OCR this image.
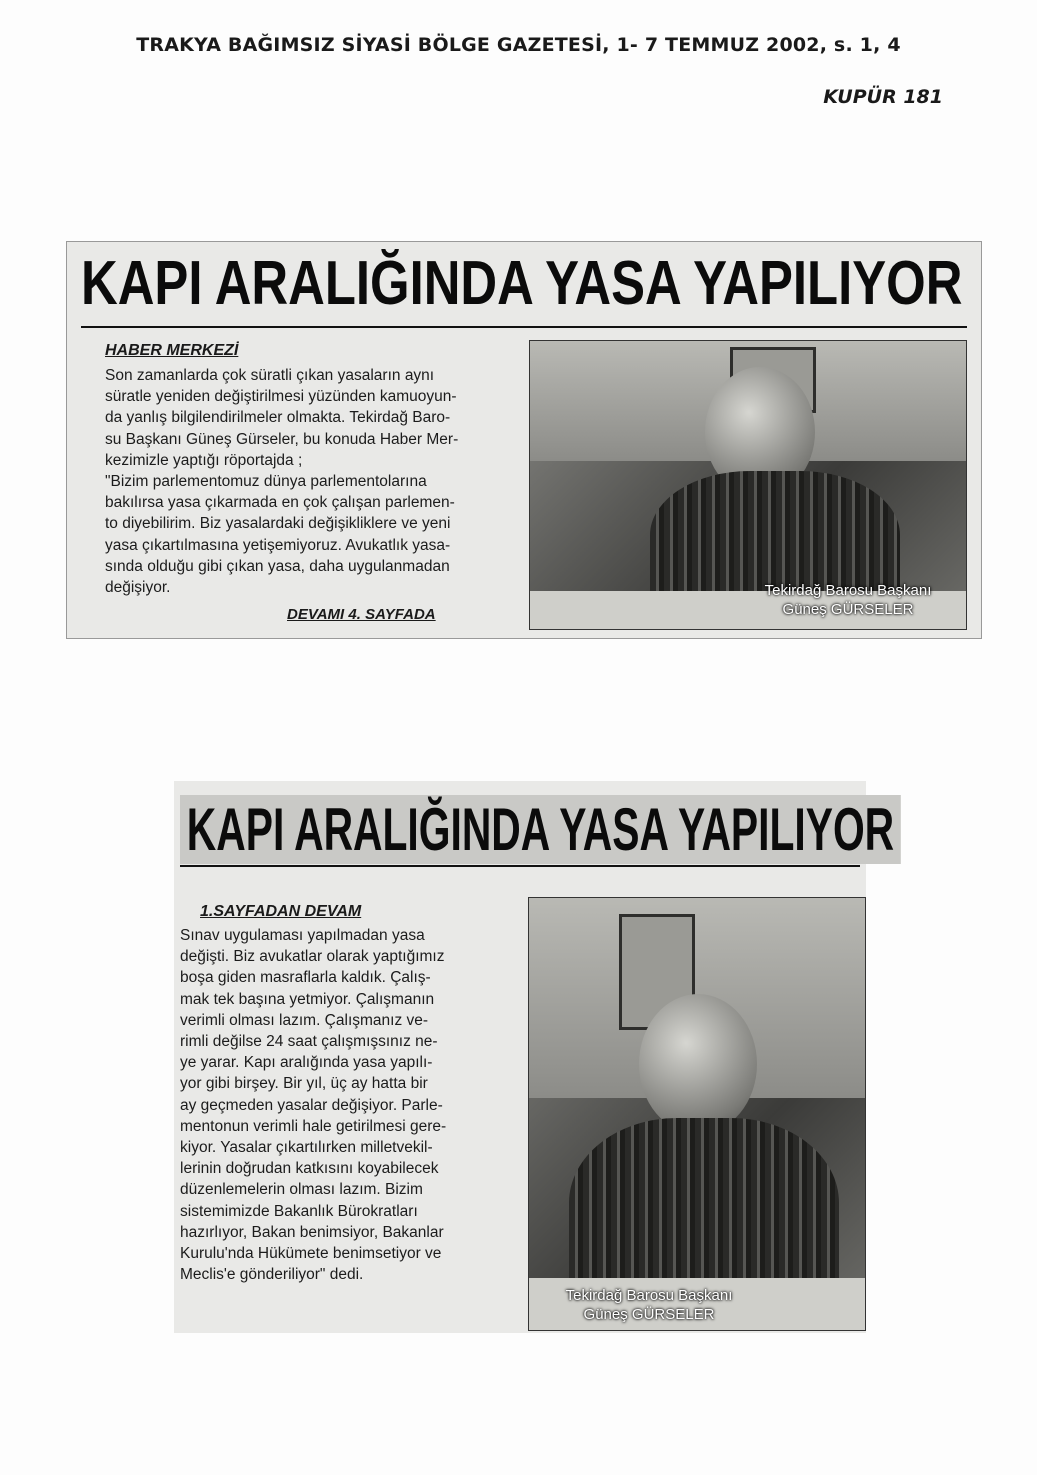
TRAKYA BAĞIMSIZ SİYASİ BÖLGE GAZETESİ, 1- 7 TEMMUZ 2002, s. 1, 4
KUPÜR 181
KAPI ARALIĞINDA YASA YAPILIYOR
HABER MERKEZİ

Son zamanlarda çok süratli çıkan yasaların aynı

süratle yeniden değiştirilmesi yüzünden kamuoyun-

da yanlış bilgilendirilmeler olmakta. Tekirdağ Baro-

su Başkanı Güneş Gürseler, bu konuda Haber Mer-

kezimizle yaptığı röportajda ;

"Bizim parlementomuz dünya parlementolarına

bakılırsa yasa çıkarmada en çok çalışan parlemen-

to diyebilirim. Biz yasalardaki değişikliklere ve yeni

yasa çıkartılmasına yetişemiyoruz. Avukatlık yasa-

sında olduğu gibi çıkan yasa, daha uygulanmadan

değişiyor.

DEVAMI 4. SAYFADA
Tekirdağ Barosu Başkanı
Güneş GÜRSELER
KAPI ARALIĞINDA YASA YAPILIYOR
1.SAYFADAN DEVAM

Sınav uygulaması yapılmadan yasa

değişti. Biz avukatlar olarak yaptığımız

boşa giden masraflarla kaldık. Çalış-

mak tek başına yetmiyor. Çalışmanın

verimli olması lazım. Çalışmanız ve-

rimli değilse 24 saat çalışmışsınız ne-

ye yarar. Kapı aralığında yasa yapılı-

yor gibi birşey. Bir yıl, üç ay hatta bir

ay geçmeden yasalar değişiyor. Parle-

mentonun verimli hale getirilmesi gere-

kiyor. Yasalar çıkartılırken milletvekil-

lerinin doğrudan katkısını koyabilecek

düzenlemelerin olması lazım. Bizim

sistemimizde Bakanlık Bürokratları

hazırlıyor, Bakan benimsiyor, Bakanlar

Kurulu'nda Hükümete benimsetiyor ve

Meclis'e gönderiliyor" dedi.

Tekirdağ Barosu Başkanı
Güneş GÜRSELER
